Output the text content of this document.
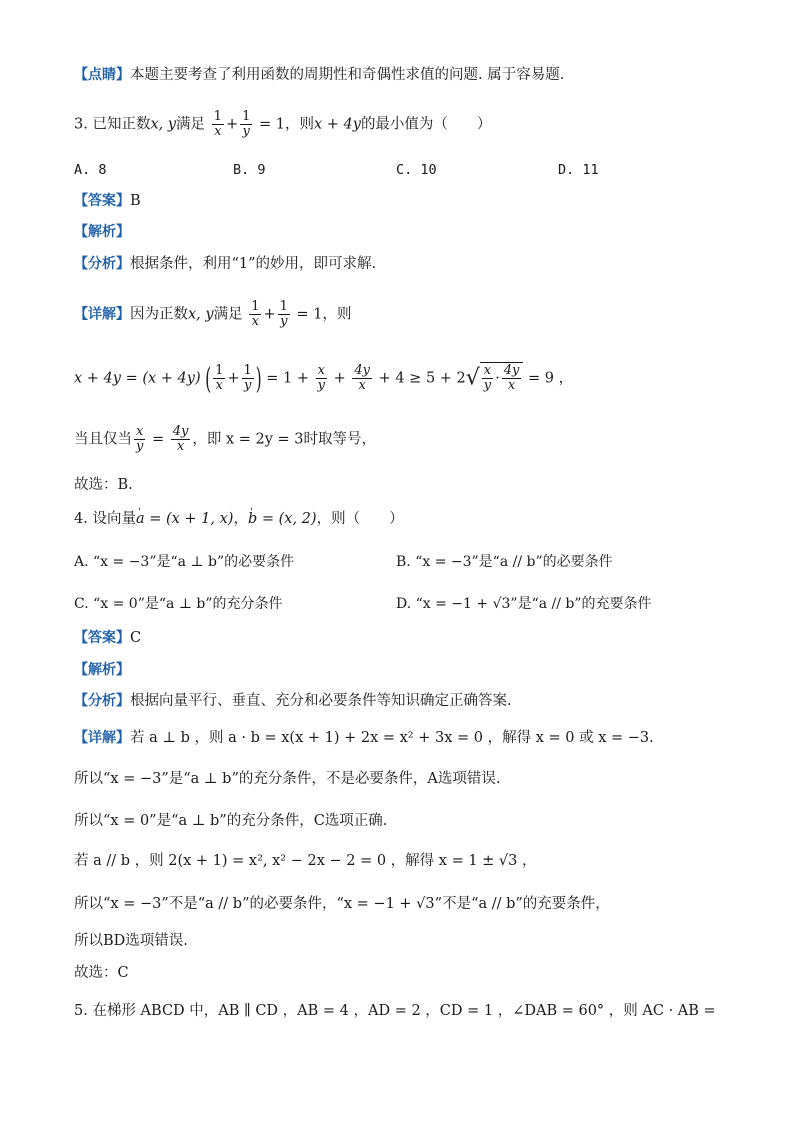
【点睛】本题主要考查了利用函数的周期性和奇偶性求值的问题. 属于容易题.
3. 已知正数x, y满足 $\frac{1}{x} + \frac{1}{y} = 1$，则x + 4y的最小值为（　　）
A. 8	B. 9	C. 10	D. 11
【答案】B
【解析】
【分析】根据条件，利用“1”的妙用，即可求解.
【详解】因为正数x, y满足 $\frac{1}{x} + \frac{1}{y} = 1$，则
x + 4y = (x + 4y) ( $\frac{1}{x} + \frac{1}{y}$ ) = $1 + \frac{x}{y} + \frac{4y}{x} + 4 \ge 5 + 2√ \frac{x}{y} \cdot \frac{4y}{x} = 9$ ，
当且仅当 $\frac{x}{y} = \frac{4y}{x}$ ，即 x = 2y = 3时取等号，
故选：B.
4. 设向量' a = (x + 1, x)，' b = (x, 2)，则（　　）
A. “x = −3”是“a ⊥ b”的必要条件	B. “x = −3”是“a // b”的必要条件
C. “x = 0”是“a ⊥ b”的充分条件	D. “x = −1 + √3”是“a // b”的充要条件
【答案】C
【解析】
【分析】根据向量平行、垂直、充分和必要条件等知识确定正确答案.
【详解】若 a ⊥ b ，则 a · b = x(x + 1) + 2x = x² + 3x = 0 ，解得 x = 0 或 x = −3.
所以“x = −3”是“a ⊥ b”的充分条件，不是必要条件，A选项错误.
所以“x = 0”是“a ⊥ b”的充分条件，C选项正确.
若 a // b ，则 2(x + 1) = x², x² − 2x − 2 = 0 ，解得 x = 1 ± √3 ，
所以“x = −3”不是“a // b”的必要条件，“x = −1 + √3”不是“a // b”的充要条件，
所以BD选项错误.
故选：C
5. 在梯形 ABCD 中，AB ∥ CD ，AB = 4 ，AD = 2 ，CD = 1 ，∠DAB = 60° ，则 AC · AB =
